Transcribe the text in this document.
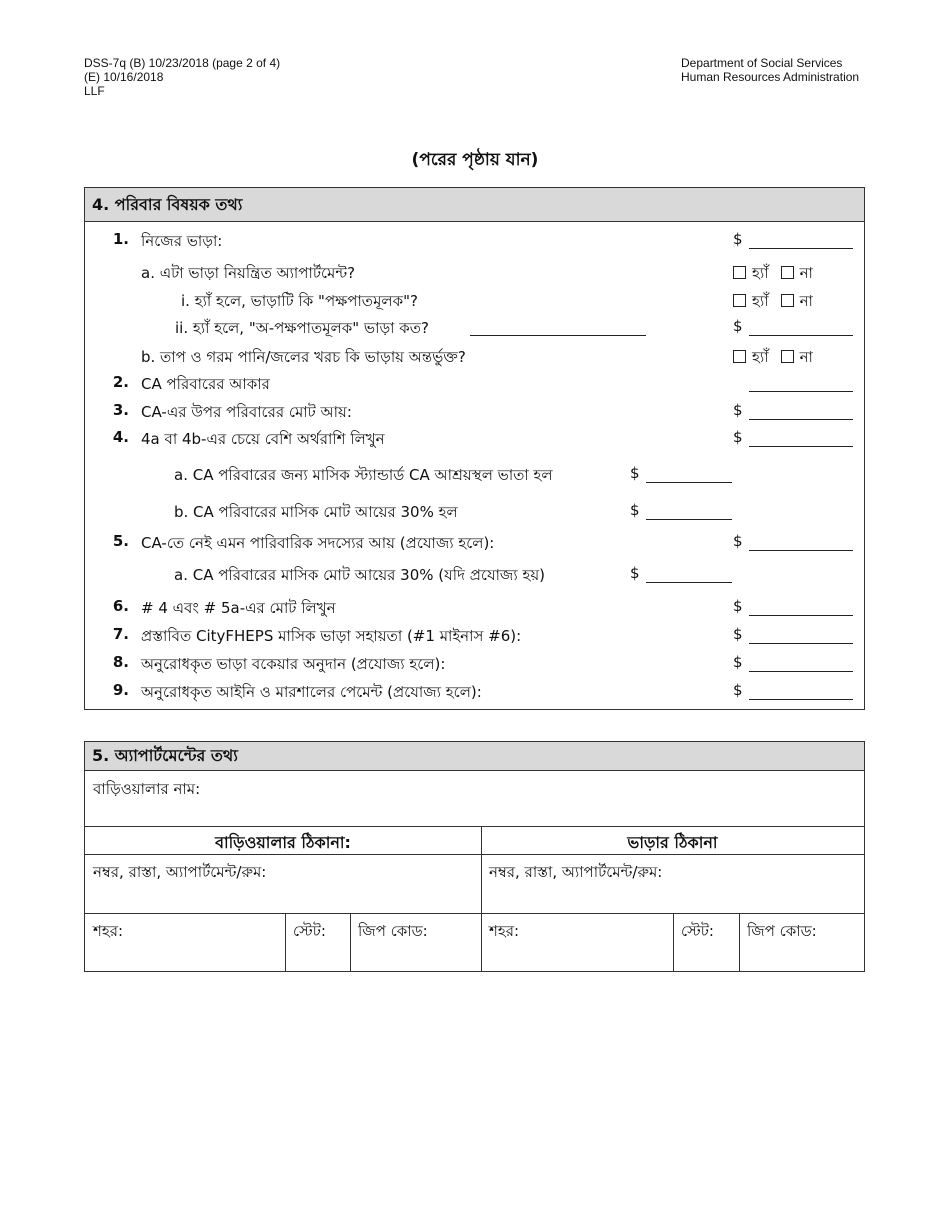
DSS-7q (B) 10/23/2018 (page 2 of 4)
(E) 10/16/2018
LLF
Department of Social Services
Human Resources Administration
(পরের পৃষ্ঠায় যান)
4. পরিবার বিষয়ক তথ্য
1. নিজের ভাড়া:	$
a. এটা ভাড়া নিয়ন্ত্রিত অ্যাপার্টমেন্ট?	হ্যাঁ না
i. হ্যাঁ হলে, ভাড়াটি কি "পক্ষপাতমূলক"?	হ্যাঁ না
ii. হ্যাঁ হলে, "অ-পক্ষপাতমূলক" ভাড়া কত?	$
b. তাপ ও গরম পানি/জলের খরচ কি ভাড়ায় অন্তর্ভুক্ত?	হ্যাঁ না
2. CA পরিবারের আকার
3. CA-এর উপর পরিবারের মোট আয়:	$
4. 4a বা 4b-এর চেয়ে বেশি অর্থরাশি লিখুন	$
a. CA পরিবারের জন্য মাসিক স্ট্যান্ডার্ড CA আশ্রয়স্থল ভাতা হল	$
b. CA পরিবারের মাসিক মোট আয়ের 30% হল	$
5. CA-তে নেই এমন পারিবারিক সদস্যের আয় (প্রযোজ্য হলে):	$
a. CA পরিবারের মাসিক মোট আয়ের 30% (যদি প্রযোজ্য হয়)	$
6. # 4 এবং # 5a-এর মোট লিখুন	$
7. প্রস্তাবিত CityFHEPS মাসিক ভাড়া সহায়তা (#1 মাইনাস #6):	$
8. অনুরোধকৃত ভাড়া বকেয়ার অনুদান (প্রযোজ্য হলে):	$
9. অনুরোধকৃত আইনি ও মারশালের পেমেন্ট (প্রযোজ্য হলে):	$
5. অ্যাপার্টমেন্টের তথ্য
বাড়িওয়ালার নাম:
বাড়িওয়ালার ঠিকানা:	ভাড়ার ঠিকানা
নম্বর, রাস্তা, অ্যাপার্টমেন্ট/রুম:	নম্বর, রাস্তা, অ্যাপার্টমেন্ট/রুম:
শহর:	স্টেট:	জিপ কোড:	শহর:	স্টেট:	জিপ কোড:
